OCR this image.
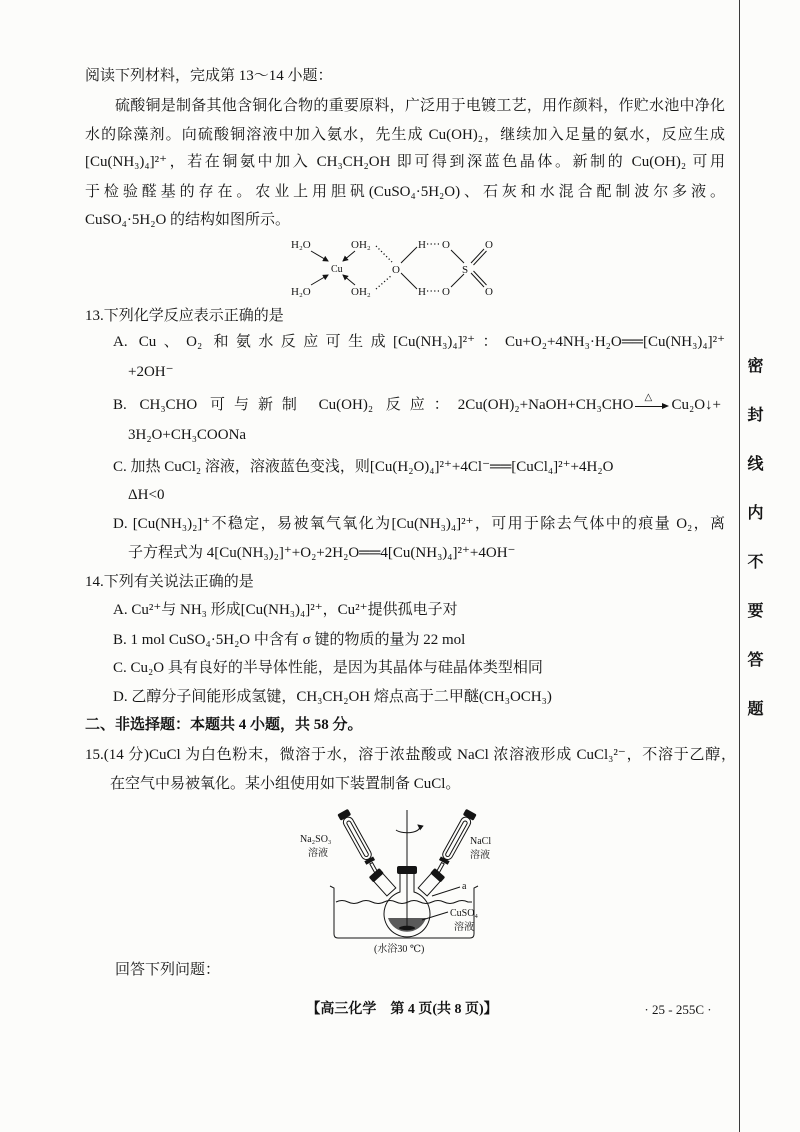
阅读下列材料，完成第 13～14 小题：
硫酸铜是制备其他含铜化合物的重要原料，广泛用于电镀工艺，用作颜料，作贮水池中净化
水的除藻剂。向硫酸铜溶液中加入氨水，先生成 Cu(OH)₂，继续加入足量的氨水，反应生成
[Cu(NH₃)₄]²⁺，若在铜氨中加入 CH₃CH₂OH 即可得到深蓝色晶体。新制的 Cu(OH)₂ 可用
于检验醛基的存在。农业上用胆矾(CuSO₄·5H₂O)、石灰和水混合配制波尔多液。
CuSO₄·5H₂O 的结构如图所示。
H₂O	OH₂
Cu
H₂O	OH₂
O
H O
H O
S
O
O
13.下列化学反应表示正确的是
A. Cu、O₂ 和氨水反应可生成[Cu(NH₃)₄]²⁺：Cu+O₂+4NH₃·H₂O══[Cu(NH₃)₄]²⁺
+2OH⁻
B. CH₃CHO 可与新制 Cu(OH)₂ 反应：2Cu(OH)₂+NaOH+CH₃CHO △ Cu₂O↓+
3H₂O+CH₃COONa
C. 加热 CuCl₂ 溶液，溶液蓝色变浅，则[Cu(H₂O)₄]²⁺+4Cl⁻══[CuCl₄]²⁺+4H₂O
ΔH<0
D. [Cu(NH₃)₂]⁺不稳定，易被氧气氧化为[Cu(NH₃)₄]²⁺，可用于除去气体中的痕量 O₂，离
子方程式为 4[Cu(NH₃)₂]⁺+O₂+2H₂O══4[Cu(NH₃)₄]²⁺+4OH⁻
14.下列有关说法正确的是
A. Cu²⁺与 NH₃ 形成[Cu(NH₃)₄]²⁺，Cu²⁺提供孤电子对
B. 1 mol CuSO₄·5H₂O 中含有 σ 键的物质的量为 22 mol
C. Cu₂O 具有良好的半导体性能，是因为其晶体与硅晶体类型相同
D. 乙醇分子间能形成氢键，CH₃CH₂OH 熔点高于二甲醚(CH₃OCH₃)
二、非选择题：本题共 4 小题，共 58 分。
15.(14 分)CuCl 为白色粉末，微溶于水，溶于浓盐酸或 NaCl 浓溶液形成 CuCl₃²⁻，不溶于乙醇，
在空气中易被氧化。某小组使用如下装置制备 CuCl。
Na₂SO₃
溶液
NaCl
溶液
a
CuSO₄
溶液
(水浴30 ℃)
回答下列问题：
【高三化学　第 4 页(共 8 页)】	· 25 - 255C ·
密封线内不要答题
